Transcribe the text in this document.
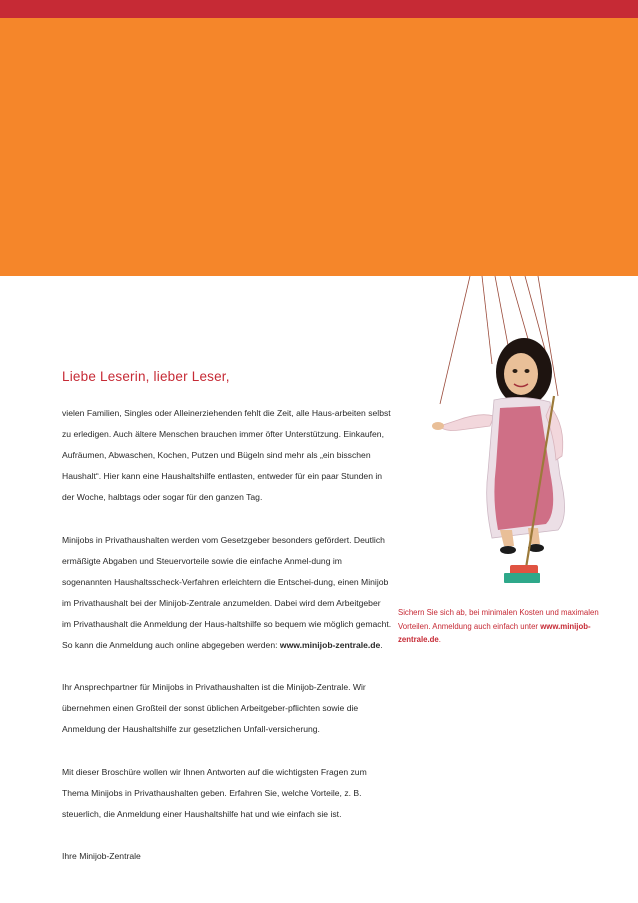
Liebe Leserin, lieber Leser,

vielen Familien, Singles oder Alleinerziehenden fehlt die Zeit, alle Haus-arbeiten selbst zu erledigen. Auch ältere Menschen brauchen immer öfter Unterstützung. Einkaufen, Aufräumen, Abwaschen, Kochen, Putzen und Bügeln sind mehr als „ein bisschen Haushalt“. Hier kann eine Haushaltshilfe entlasten, entweder für ein paar Stunden in der Woche, halbtags oder sogar für den ganzen Tag.

Minijobs in Privathaushalten werden vom Gesetzgeber besonders gefördert. Deutlich ermäßigte Abgaben und Steuervorteile sowie die einfache Anmel-dung im sogenannten Haushaltsscheck-Verfahren erleichtern die Entschei-dung, einen Minijob im Privathaushalt bei der Minijob-Zentrale anzumelden. Dabei wird dem Arbeitgeber im Privathaushalt die Anmeldung der Haus-haltshilfe so bequem wie möglich gemacht. So kann die Anmeldung auch online abgegeben werden: www.minijob-zentrale.de.

Ihr Ansprechpartner für Minijobs in Privathaushalten ist die Minijob-Zentrale. Wir übernehmen einen Großteil der sonst üblichen Arbeitgeber-pflichten sowie die Anmeldung der Haushaltshilfe zur gesetzlichen Unfall-versicherung.

Mit dieser Broschüre wollen wir Ihnen Antworten auf die wichtigsten Fragen zum Thema Minijobs in Privathaushalten geben. Erfahren Sie, welche Vorteile, z. B. steuerlich, die Anmeldung einer Haushaltshilfe hat und wie einfach sie ist.

Ihre Minijob-Zentrale

Sichern Sie sich ab, bei minimalen Kosten und maximalen Vorteilen. Anmeldung auch einfach unter www.minijob-zentrale.de.
